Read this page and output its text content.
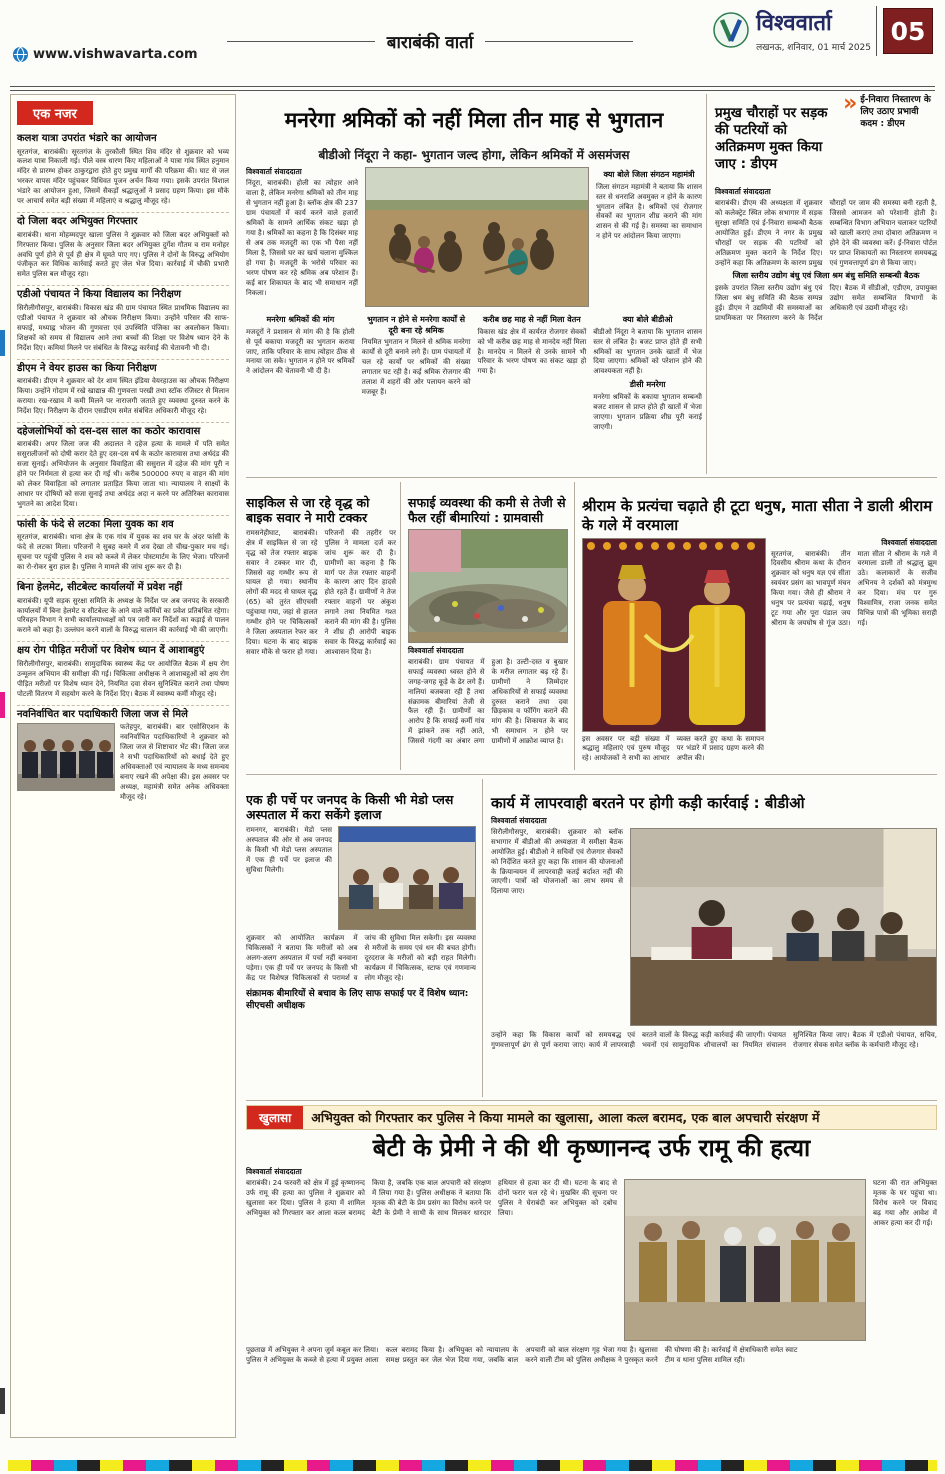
www.vishwavarta.com
बाराबंकी वार्ता
विश्ववार्ता
लखनऊ, शनिवार, 01 मार्च 2025
05
एक नजर
कलश यात्रा उपरांत भंडारे का आयोजन
सूरतगंज, बाराबंकी। सूरतगंज के तुरकौली स्थित शिव मंदिर से शुक्रवार को भव्य कलश यात्रा निकाली गई। पीले वस्त्र धारण किए महिलाओं ने यात्रा गांव स्थित हनुमान मंदिर से प्रारम्भ होकर ठाकुरद्वारा होते हुए प्रमुख मार्गों की परिक्रमा की। घाट से जल भरकर वापस मंदिर पहुंचकर विधिवत पूजन अर्चन किया गया। इसके उपरांत विशाल भंडारे का आयोजन हुआ, जिसमें सैकड़ों श्रद्धालुओं ने प्रसाद ग्रहण किया। इस मौके पर आचार्य समेत बड़ी संख्या में महिलाएं व श्रद्धालु मौजूद रहे।
दो जिला बदर अभियुक्त गिरफ्तार
बाराबंकी। थाना मोहम्मदपुर खाला पुलिस ने शुक्रवार को जिला बदर अभियुक्तों को गिरफ्तार किया। पुलिस के अनुसार जिला बदर अभियुक्त दुर्गेश गौतम व राम मनोहर अवधि पूर्ण होने से पूर्व ही क्षेत्र में घूमते पाए गए। पुलिस ने दोनों के विरुद्ध अभियोग पंजीकृत कर विधिक कार्रवाई करते हुए जेल भेज दिया। कार्रवाई में चौकी प्रभारी समेत पुलिस बल मौजूद रहा।
एडीओ पंचायत ने किया विद्यालय का निरीक्षण
सिरौलीगौसपुर, बाराबंकी। विकास खंड की ग्राम पंचायत स्थित प्राथमिक विद्यालय का एडीओ पंचायत ने शुक्रवार को औचक निरीक्षण किया। उन्होंने परिसर की साफ-सफाई, मध्याह्न भोजन की गुणवत्ता एवं उपस्थिति पंजिका का अवलोकन किया। शिक्षकों को समय से विद्यालय आने तथा बच्चों की शिक्षा पर विशेष ध्यान देने के निर्देश दिए। कमियां मिलने पर संबंधित के विरुद्ध कार्रवाई की चेतावनी भी दी।
डीएम ने वेयर हाउस का किया निरीक्षण
बाराबंकी। डीएम ने शुक्रवार को देर शाम स्थित इंडिया वेयरहाउस का औचक निरीक्षण किया। उन्होंने गोदाम में रखे खाद्यान्न की गुणवत्ता परखी तथा स्टॉक रजिस्टर से मिलान कराया। रख-रखाव में कमी मिलने पर नाराजगी जताते हुए व्यवस्था दुरुस्त करने के निर्देश दिए। निरीक्षण के दौरान एसडीएम समेत संबंधित अधिकारी मौजूद रहे।
दहेजलोभियों को दस-दस साल का कठोर कारावास
बाराबंकी। अपर जिला जज की अदालत ने दहेज हत्या के मामले में पति समेत ससुरालीजनों को दोषी करार देते हुए दस-दस वर्ष के कठोर कारावास तथा अर्थदंड की सजा सुनाई। अभियोजन के अनुसार विवाहिता की ससुराल में दहेज की मांग पूरी न होने पर निर्ममता से हत्या कर दी गई थी। करीब 500000 रुपए व वाहन की मांग को लेकर विवाहिता को लगातार प्रताड़ित किया जाता था। न्यायालय ने साक्ष्यों के आधार पर दोषियों को सजा सुनाई तथा अर्थदंड अदा न करने पर अतिरिक्त कारावास भुगतने का आदेश दिया।
फांसी के फंदे से लटका मिला युवक का शव
सूरतगंज, बाराबंकी। थाना क्षेत्र के एक गांव में युवक का शव घर के अंदर फांसी के फंदे से लटका मिला। परिजनों ने सुबह कमरे में शव देखा तो चीख-पुकार मच गई। सूचना पर पहुंची पुलिस ने शव को कब्जे में लेकर पोस्टमार्टम के लिए भेजा। परिजनों का रो-रोकर बुरा हाल है। पुलिस ने मामले की जांच शुरू कर दी है।
बिना हेलमेट, सीटबेल्ट कार्यालयों में प्रवेश नहीं
बाराबंकी। यूपी सड़क सुरक्षा समिति के अध्यक्ष के निर्देश पर अब जनपद के सरकारी कार्यालयों में बिना हेलमेट व सीटबेल्ट के आने वाले कर्मियों का प्रवेश प्रतिबंधित रहेगा। परिवहन विभाग ने सभी कार्यालयाध्यक्षों को पत्र जारी कर निर्देशों का कड़ाई से पालन कराने को कहा है। उल्लंघन करने वालों के विरुद्ध चालान की कार्रवाई भी की जाएगी।
क्षय रोग पीड़ित मरीजों पर विशेष ध्यान दें आशाबहुएं
सिरौलीगौसपुर, बाराबंकी। सामुदायिक स्वास्थ्य केंद्र पर आयोजित बैठक में क्षय रोग उन्मूलन अभियान की समीक्षा की गई। चिकित्सा अधीक्षक ने आशाबहुओं को क्षय रोग पीड़ित मरीजों पर विशेष ध्यान देने, नियमित दवा सेवन सुनिश्चित कराने तथा पोषण पोटली वितरण में सहयोग करने के निर्देश दिए। बैठक में स्वास्थ्य कर्मी मौजूद रहे।
नवनिर्वाचित बार पदाधिकारी जिला जज से मिले
फतेहपुर, बाराबंकी। बार एसोसिएशन के नवनिर्वाचित पदाधिकारियों ने शुक्रवार को जिला जज से शिष्टाचार भेंट की। जिला जज ने सभी पदाधिकारियों को बधाई देते हुए अधिवक्ताओं एवं न्यायालय के मध्य समन्वय बनाए रखने की अपेक्षा की। इस अवसर पर अध्यक्ष, महामंत्री समेत अनेक अधिवक्ता मौजूद रहे।
मनरेगा श्रमिकों को नहीं मिला तीन माह से भुगतान
बीडीओ निंदूरा ने कहा- भुगतान जल्द होगा, लेकिन श्रमिकों में असमंजस
विश्ववार्ता संवाददाता
निंदूरा, बाराबंकी। होली का त्योहार आने वाला है, लेकिन मनरेगा श्रमिकों को तीन माह से भुगतान नहीं हुआ है। ब्लॉक क्षेत्र की 237 ग्राम पंचायतों में कार्य करने वाले हजारों श्रमिकों के सामने आर्थिक संकट खड़ा हो गया है। श्रमिकों का कहना है कि दिसंबर माह से अब तक मजदूरी का एक भी पैसा नहीं मिला है, जिससे घर का खर्च चलाना मुश्किल हो गया है। मजदूरी के भरोसे परिवार का भरण पोषण कर रहे श्रमिक अब परेशान हैं। कई बार शिकायत के बाद भी समाधान नहीं निकला।
क्या बोले जिला संगठन महामंत्री
जिला संगठन महामंत्री ने बताया कि शासन स्तर से धनराशि अवमुक्त न होने के कारण भुगतान लंबित है। श्रमिकों एवं रोजगार सेवकों का भुगतान शीघ्र कराने की मांग शासन से की गई है। समस्या का समाधान न होने पर आंदोलन किया जाएगा।
मनरेगा श्रमिकों की मांग
मजदूरों ने प्रशासन से मांग की है कि होली से पूर्व बकाया मजदूरी का भुगतान कराया जाए, ताकि परिवार के साथ त्योहार ठीक से मनाया जा सके। भुगतान न होने पर श्रमिकों ने आंदोलन की चेतावनी भी दी है।
भुगतान न होने से मनरेगा कार्यों से दूरी बना रहे श्रमिक
नियमित भुगतान न मिलने से श्रमिक मनरेगा कार्यों से दूरी बनाने लगे हैं। ग्राम पंचायतों में चल रहे कार्यों पर श्रमिकों की संख्या लगातार घट रही है। कई श्रमिक रोजगार की तलाश में शहरों की ओर पलायन करने को मजबूर हैं।
करीब छह माह से नहीं मिला वेतन
विकास खंड क्षेत्र में कार्यरत रोजगार सेवकों को भी करीब छह माह से मानदेय नहीं मिला है। मानदेय न मिलने से उनके सामने भी परिवार के भरण पोषण का संकट खड़ा हो गया है।
क्या बोले बीडीओ
बीडीओ निंदूरा ने बताया कि भुगतान शासन स्तर से लंबित है। बजट प्राप्त होते ही सभी श्रमिकों का भुगतान उनके खातों में भेज दिया जाएगा। श्रमिकों को परेशान होने की आवश्यकता नहीं है।
डीसी मनरेगा
मनरेगा श्रमिकों के बकाया भुगतान सम्बन्धी बजट शासन से प्राप्त होते ही खातों में भेजा जाएगा। भुगतान प्रक्रिया शीघ्र पूरी कराई जाएगी।
प्रमुख चौराहों पर सड़क की पटरियों को अतिक्रमण मुक्त किया जाए : डीएम
» ई-निवारा निस्तारण के लिए उठाए प्रभावी कदम : डीएम
विश्ववार्ता संवाददाता
बाराबंकी। डीएम की अध्यक्षता में शुक्रवार को कलेक्ट्रेट स्थित लोक सभागार में सड़क सुरक्षा समिति एवं ई-निवारा सम्बन्धी बैठक आयोजित हुई। डीएम ने नगर के प्रमुख चौराहों पर सड़क की पटरियों को अतिक्रमण मुक्त कराने के निर्देश दिए। उन्होंने कहा कि अतिक्रमण के कारण प्रमुख चौराहों पर जाम की समस्या बनी रहती है, जिससे आमजन को परेशानी होती है। सम्बन्धित विभाग अभियान चलाकर पटरियों को खाली कराएं तथा दोबारा अतिक्रमण न होने देने की व्यवस्था करें। ई-निवारा पोर्टल पर प्राप्त शिकायतों का निस्तारण समयबद्ध एवं गुणवत्तापूर्ण ढंग से किया जाए।
जिला स्तरीय उद्योग बंधु एवं जिला श्रम बंधु समिति सम्बन्धी बैठक
इसके उपरांत जिला स्तरीय उद्योग बंधु एवं जिला श्रम बंधु समिति की बैठक सम्पन्न हुई। डीएम ने उद्यमियों की समस्याओं का प्राथमिकता पर निस्तारण करने के निर्देश दिए। बैठक में सीडीओ, एडीएम, उपायुक्त उद्योग समेत सम्बन्धित विभागों के अधिकारी एवं उद्यमी मौजूद रहे।
साइकिल से जा रहे वृद्ध को बाइक सवार ने मारी टक्कर
रामसनेहीघाट, बाराबंकी। क्षेत्र में साइकिल से जा रहे वृद्ध को तेज रफ्तार बाइक सवार ने टक्कर मार दी, जिससे वह गम्भीर रूप से घायल हो गया। स्थानीय लोगों की मदद से घायल वृद्ध (65) को तुरंत सीएचसी पहुंचाया गया, जहां से हालत गम्भीर होने पर चिकित्सकों ने जिला अस्पताल रेफर कर दिया। घटना के बाद बाइक सवार मौके से फरार हो गया। परिजनों की तहरीर पर पुलिस ने मामला दर्ज कर जांच शुरू कर दी है। ग्रामीणों का कहना है कि मार्ग पर तेज रफ्तार वाहनों के कारण आए दिन हादसे होते रहते हैं। ग्रामीणों ने तेज रफ्तार वाहनों पर अंकुश लगाने तथा नियमित गश्त कराने की मांग की है। पुलिस ने शीघ्र ही आरोपी बाइक सवार के विरुद्ध कार्रवाई का आश्वासन दिया है।
सफाई व्यवस्था की कमी से तेजी से फैल रहीं बीमारियां : ग्रामवासी
विश्ववार्ता संवाददाता
बाराबंकी। ग्राम पंचायत में सफाई व्यवस्था ध्वस्त होने से जगह-जगह कूड़े के ढेर लगे हैं। नालियां बजबजा रही हैं तथा संक्रामक बीमारियां तेजी से फैल रही हैं। ग्रामीणों का आरोप है कि सफाई कर्मी गांव में झांकने तक नहीं आते, जिससे गंदगी का अंबार लगा हुआ है। उल्टी-दस्त व बुखार के मरीज लगातार बढ़ रहे हैं। ग्रामीणों ने जिम्मेदार अधिकारियों से सफाई व्यवस्था दुरुस्त कराने तथा दवा छिड़काव व फॉगिंग कराने की मांग की है। शिकायत के बाद भी समाधान न होने पर ग्रामीणों में आक्रोश व्याप्त है।
श्रीराम के प्रत्यंचा चढ़ाते ही टूटा धनुष, माता सीता ने डाली श्रीराम के गले में वरमाला
इस अवसर पर बड़ी संख्या में श्रद्धालु महिलाएं एवं पुरुष मौजूद रहे। आयोजकों ने सभी का आभार व्यक्त करते हुए कथा के समापन पर भंडारे में प्रसाद ग्रहण करने की अपील की।
विश्ववार्ता संवाददाता
सूरतगंज, बाराबंकी। तीन दिवसीय श्रीराम कथा के दौरान शुक्रवार को धनुष यज्ञ एवं सीता स्वयंवर प्रसंग का भावपूर्ण मंचन किया गया। जैसे ही श्रीराम ने धनुष पर प्रत्यंचा चढ़ाई, धनुष टूट गया और पूरा पंडाल जय श्रीराम के जयघोष से गूंज उठा। माता सीता ने श्रीराम के गले में वरमाला डाली तो श्रद्धालु झूम उठे। कलाकारों के सजीव अभिनय ने दर्शकों को मंत्रमुग्ध कर दिया। मंच पर गुरु विश्वामित्र, राजा जनक समेत विभिन्न पात्रों की भूमिका सराही गई।
एक ही पर्चे पर जनपद के किसी भी मेडो प्लस अस्पताल में करा सकेंगे इलाज
रामनगर, बाराबंकी। मेडो प्लस अस्पताल की ओर से अब जनपद के किसी भी मेडो प्लस अस्पताल में एक ही पर्चे पर इलाज की सुविधा मिलेगी।
शुक्रवार को आयोजित कार्यक्रम में चिकित्सकों ने बताया कि मरीजों को अब अलग-अलग अस्पताल में पर्चा नहीं बनवाना पड़ेगा। एक ही पर्चे पर जनपद के किसी भी केंद्र पर विशेषज्ञ चिकित्सकों से परामर्श व जांच की सुविधा मिल सकेगी। इस व्यवस्था से मरीजों के समय एवं धन की बचत होगी। दूरदराज के मरीजों को बड़ी राहत मिलेगी। कार्यक्रम में चिकित्सक, स्टाफ एवं गणमान्य लोग मौजूद रहे।
संक्रामक बीमारियों से बचाव के लिए साफ सफाई पर दें विशेष ध्यान: सीएचसी अधीक्षक
कार्य में लापरवाही बरतने पर होगी कड़ी कार्रवाई : बीडीओ
विश्ववार्ता संवाददाता
सिरौलीगौसपुर, बाराबंकी। शुक्रवार को ब्लॉक सभागार में बीडीओ की अध्यक्षता में समीक्षा बैठक आयोजित हुई। बीडीओ ने सचिवों एवं रोजगार सेवकों को निर्देशित करते हुए कहा कि शासन की योजनाओं के क्रियान्वयन में लापरवाही कतई बर्दाश्त नहीं की जाएगी। पात्रों को योजनाओं का लाभ समय से दिलाया जाए।
उन्होंने कहा कि विकास कार्यों को समयबद्ध एवं गुणवत्तापूर्ण ढंग से पूर्ण कराया जाए। कार्य में लापरवाही बरतने वालों के विरुद्ध कड़ी कार्रवाई की जाएगी। पंचायत भवनों एवं सामुदायिक शौचालयों का नियमित संचालन सुनिश्चित किया जाए। बैठक में एडीओ पंचायत, सचिव, रोजगार सेवक समेत ब्लॉक के कर्मचारी मौजूद रहे।
खुलासा	अभियुक्त को गिरफ्तार कर पुलिस ने किया मामले का खुलासा, आला कत्ल बरामद, एक बाल अपचारी संरक्षण में
बेटी के प्रेमी ने की थी कृष्णानन्द उर्फ रामू की हत्या
विश्ववार्ता संवाददाता
बाराबंकी। 24 फरवरी को क्षेत्र में हुई कृष्णानन्द उर्फ रामू की हत्या का पुलिस ने शुक्रवार को खुलासा कर दिया। पुलिस ने हत्या में शामिल अभियुक्त को गिरफ्तार कर आला कत्ल बरामद किया है, जबकि एक बाल अपचारी को संरक्षण में लिया गया है। पुलिस अधीक्षक ने बताया कि मृतक की बेटी के प्रेम प्रसंग का विरोध करने पर बेटी के प्रेमी ने साथी के साथ मिलकर धारदार हथियार से हत्या कर दी थी। घटना के बाद से दोनों फरार चल रहे थे। मुखबिर की सूचना पर पुलिस ने घेराबंदी कर अभियुक्त को दबोच लिया।
घटना की रात अभियुक्त मृतक के घर पहुंचा था। विरोध करने पर विवाद बढ़ गया और आवेश में आकर हत्या कर दी गई।
पूछताछ में अभियुक्त ने अपना जुर्म कबूल कर लिया। पुलिस ने अभियुक्त के कब्जे से हत्या में प्रयुक्त आला कत्ल बरामद किया है। अभियुक्त को न्यायालय के समक्ष प्रस्तुत कर जेल भेज दिया गया, जबकि बाल अपचारी को बाल संरक्षण गृह भेजा गया है। खुलासा करने वाली टीम को पुलिस अधीक्षक ने पुरस्कृत करने की घोषणा की है। कार्रवाई में क्षेत्राधिकारी समेत स्वाट टीम व थाना पुलिस शामिल रही।
